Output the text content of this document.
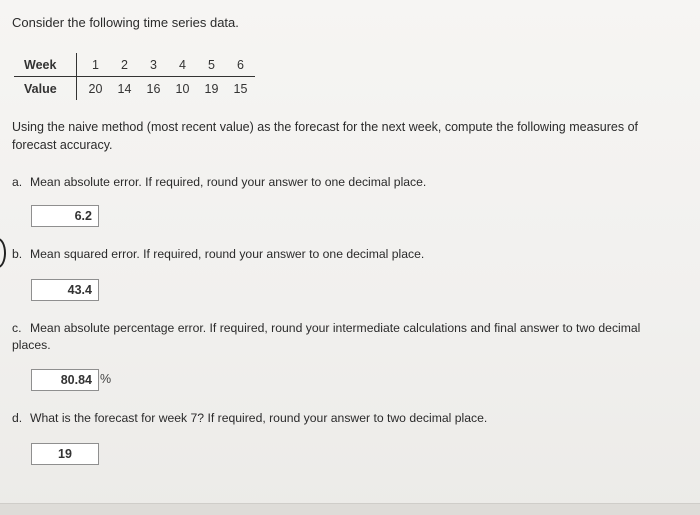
Consider the following time series data.
Week	1	2	3	4	5	6
Value	20	14	16	10	19	15
Using the naive method (most recent value) as the forecast for the next week, compute the following measures of forecast accuracy.
a. Mean absolute error. If required, round your answer to one decimal place.
6.2
b. Mean squared error. If required, round your answer to one decimal place.
43.4
c. Mean absolute percentage error. If required, round your intermediate calculations and final answer to two decimal places.
80.84 %
d. What is the forecast for week 7? If required, round your answer to two decimal place.
19
